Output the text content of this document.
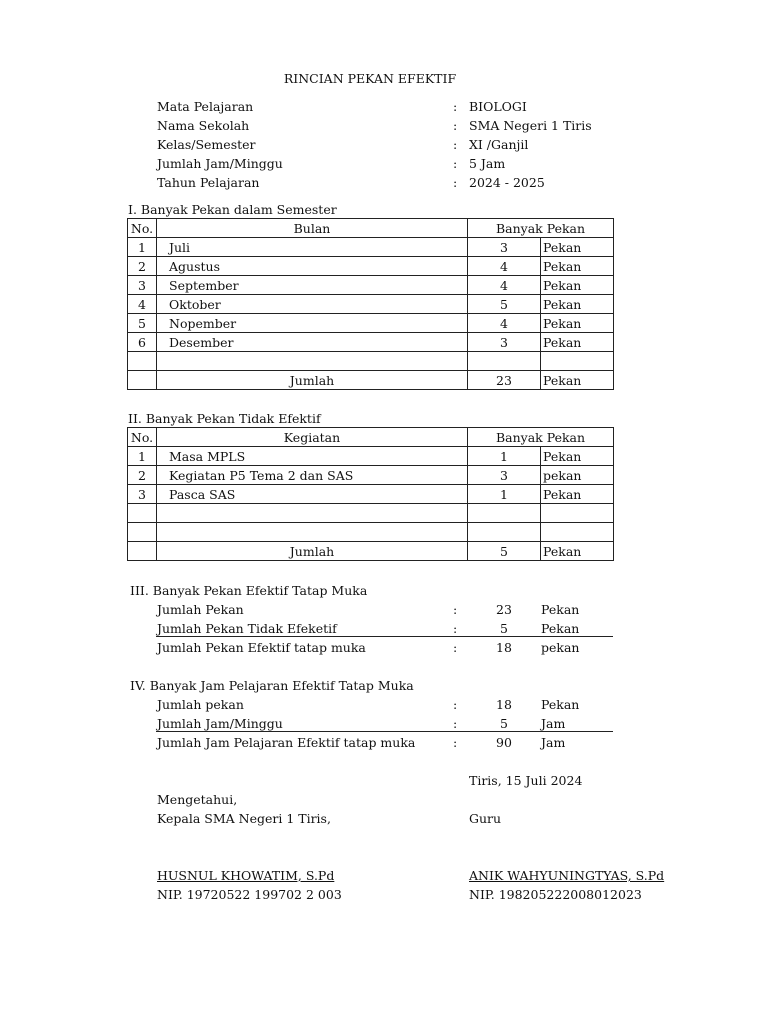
RINCIAN PEKAN EFEKTIF
Mata Pelajaran	: BIOLOGI
Nama Sekolah	: SMA Negeri 1 Tiris
Kelas/Semester	: XI /Ganjil
Jumlah Jam/Minggu	: 5 Jam
Tahun Pelajaran	: 2024 - 2025
I. Banyak Pekan dalam Semester
No.	Bulan	Banyak Pekan	
1	Juli	3	Pekan
2	Agustus	4	Pekan
3	September	4	Pekan
4	Oktober	5	Pekan
5	Nopember	4	Pekan
6	Desember	3	Pekan

	Jumlah	23	Pekan
II. Banyak Pekan Tidak Efektif
No.	Kegiatan	Banyak Pekan	
1	Masa MPLS	1	Pekan
2	Kegiatan P5 Tema 2 dan SAS	3	pekan
3	Pasca SAS	1	Pekan

	Jumlah	5	Pekan
III. Banyak Pekan Efektif Tatap Muka
Jumlah Pekan	:	23	Pekan
Jumlah Pekan Tidak Efeketif	:	5	Pekan
Jumlah Pekan Efektif tatap muka	:	18	pekan
IV. Banyak Jam Pelajaran Efektif Tatap Muka
Jumlah pekan	:	18	Pekan
Jumlah Jam/Minggu	:	5	Jam
Jumlah Jam Pelajaran Efektif tatap muka	:	90	Jam
Tiris, 15 Juli 2024
Mengetahui,
Kepala SMA Negeri 1 Tiris,	Guru
HUSNUL KHOWATIM, S.Pd
NIP. 19720522 199702 2 003
ANIK WAHYUNINGTYAS, S.Pd
NIP. 198205222008012023
